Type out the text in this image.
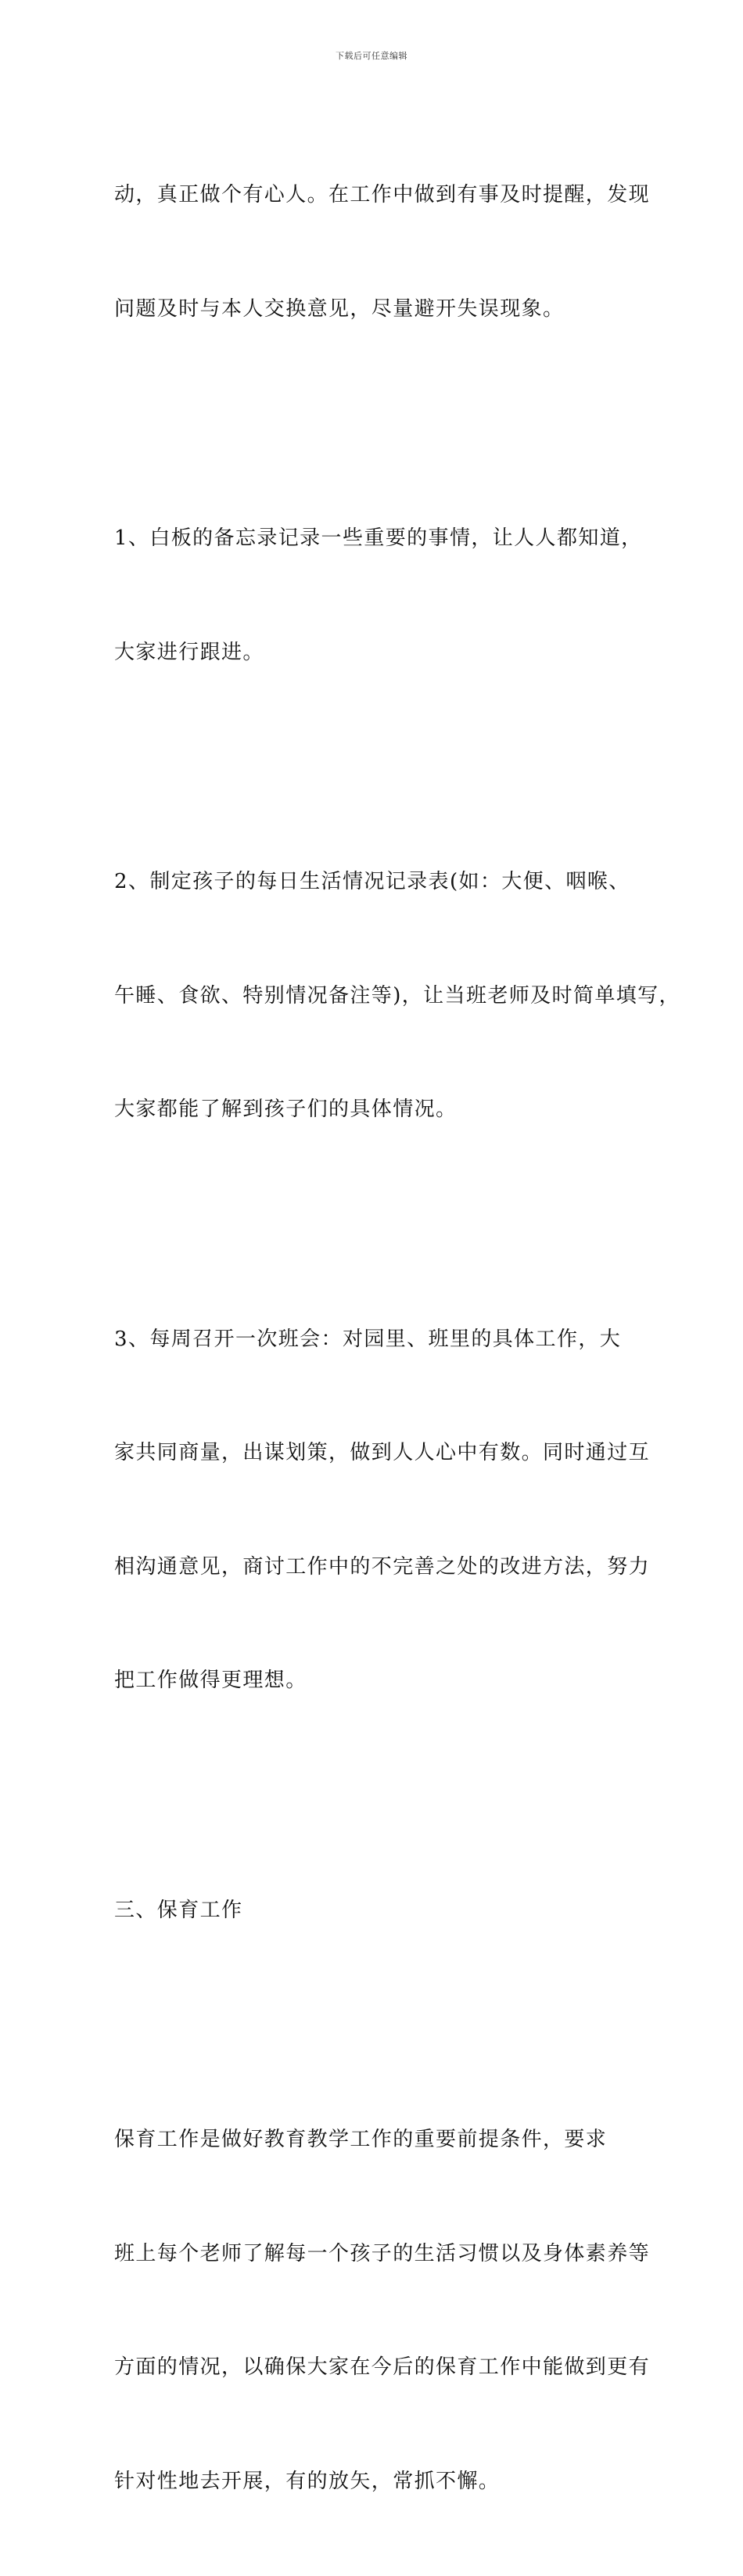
下载后可任意编辑

动，真正做个有心人。在工作中做到有事及时提醒，发现

问题及时与本人交换意见，尽量避开失误现象。

1、白板的备忘录记录一些重要的事情，让人人都知道，

大家进行跟进。

2、制定孩子的每日生活情况记录表(如：大便、咽喉、

午睡、食欲、特别情况备注等)，让当班老师及时简单填写，

大家都能了解到孩子们的具体情况。

3、每周召开一次班会：对园里、班里的具体工作，大

家共同商量，出谋划策，做到人人心中有数。同时通过互

相沟通意见，商讨工作中的不完善之处的改进方法，努力

把工作做得更理想。

三、保育工作

保育工作是做好教育教学工作的重要前提条件，要求

班上每个老师了解每一个孩子的生活习惯以及身体素养等

方面的情况，以确保大家在今后的保育工作中能做到更有

针对性地去开展，有的放矢，常抓不懈。
